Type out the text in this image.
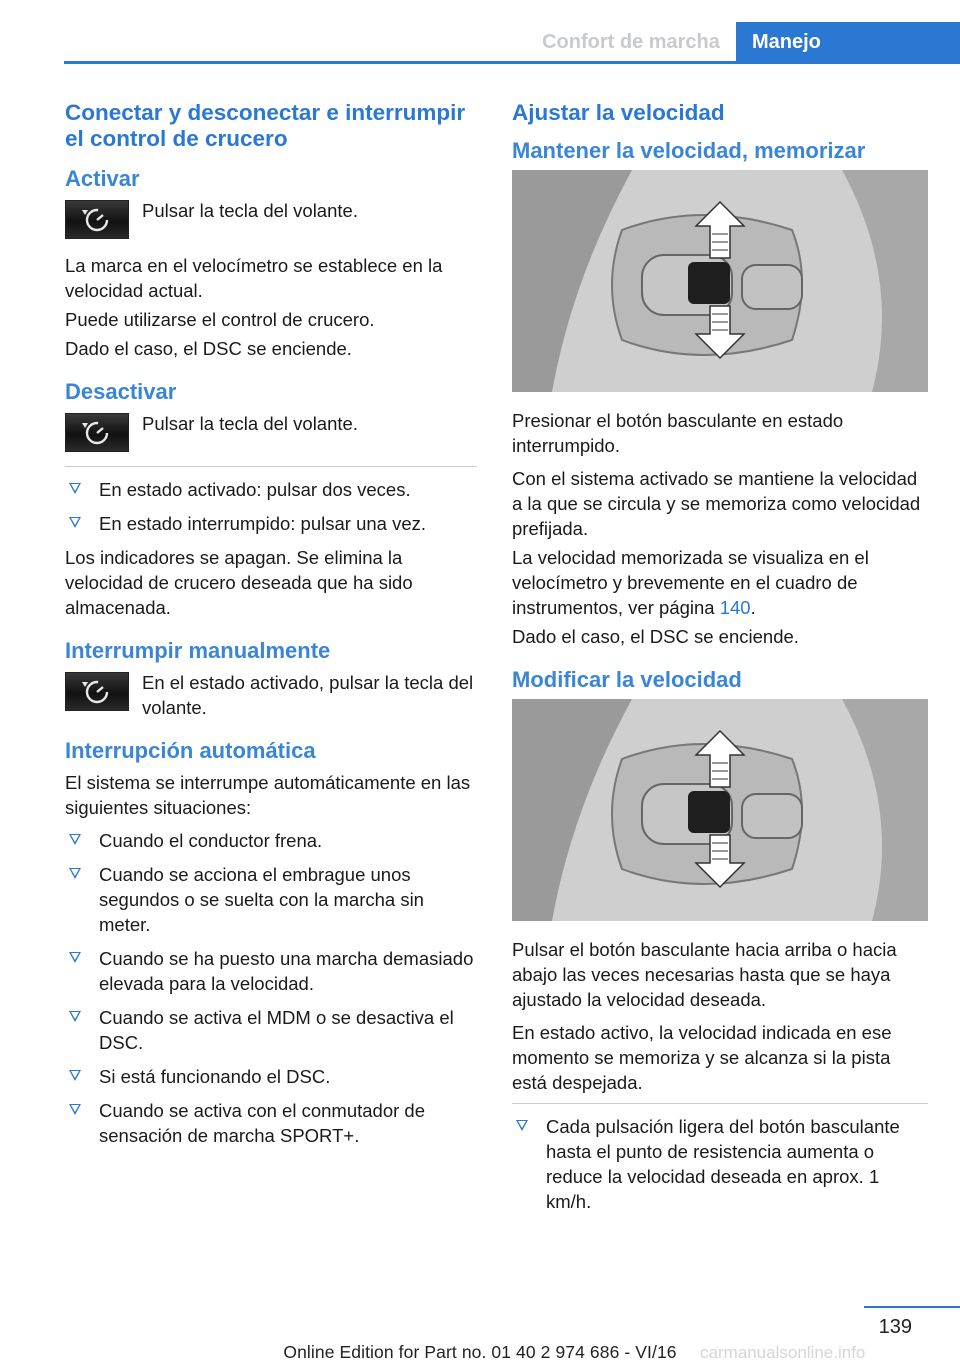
Confort de marcha	Manejo
Conectar y desconectar e interrumpir el control de crucero
Activar
Pulsar la tecla del volante.

La marca en el velocímetro se establece en la velocidad actual.

Puede utilizarse el control de crucero.

Dado el caso, el DSC se enciende.

Desactivar
Pulsar la tecla del volante.
En estado activado: pulsar dos veces.
En estado interrumpido: pulsar una vez.

Los indicadores se apagan. Se elimina la velocidad de crucero deseada que ha sido almacenada.

Interrumpir manualmente
En el estado activado, pulsar la tecla del volante.
Interrupción automática

El sistema se interrumpe automáticamente en las siguientes situaciones:

Cuando el conductor frena.
Cuando se acciona el embrague unos segundos o se suelta con la marcha sin meter.
Cuando se ha puesto una marcha demasiado elevada para la velocidad.
Cuando se activa el MDM o se desactiva el DSC.
Si está funcionando el DSC.
Cuando se activa con el conmutador de sensación de marcha SPORT+.
Ajustar la velocidad
Mantener la velocidad, memorizar

Presionar el botón basculante en estado interrumpido.

Con el sistema activado se mantiene la velocidad a la que se circula y se memoriza como velocidad prefijada.

La velocidad memorizada se visualiza en el velocímetro y brevemente en el cuadro de instrumentos, ver página 140.

Dado el caso, el DSC se enciende.

Modificar la velocidad

Pulsar el botón basculante hacia arriba o hacia abajo las veces necesarias hasta que se haya ajustado la velocidad deseada.

En estado activo, la velocidad indicada en ese momento se memoriza y se alcanza si la pista está despejada.

Cada pulsación ligera del botón basculante hasta el punto de resistencia aumenta o reduce la velocidad deseada en aprox. 1 km/h.
139
Online Edition for Part no. 01 40 2 974 686 - VI/16	carmanualsonline.info
